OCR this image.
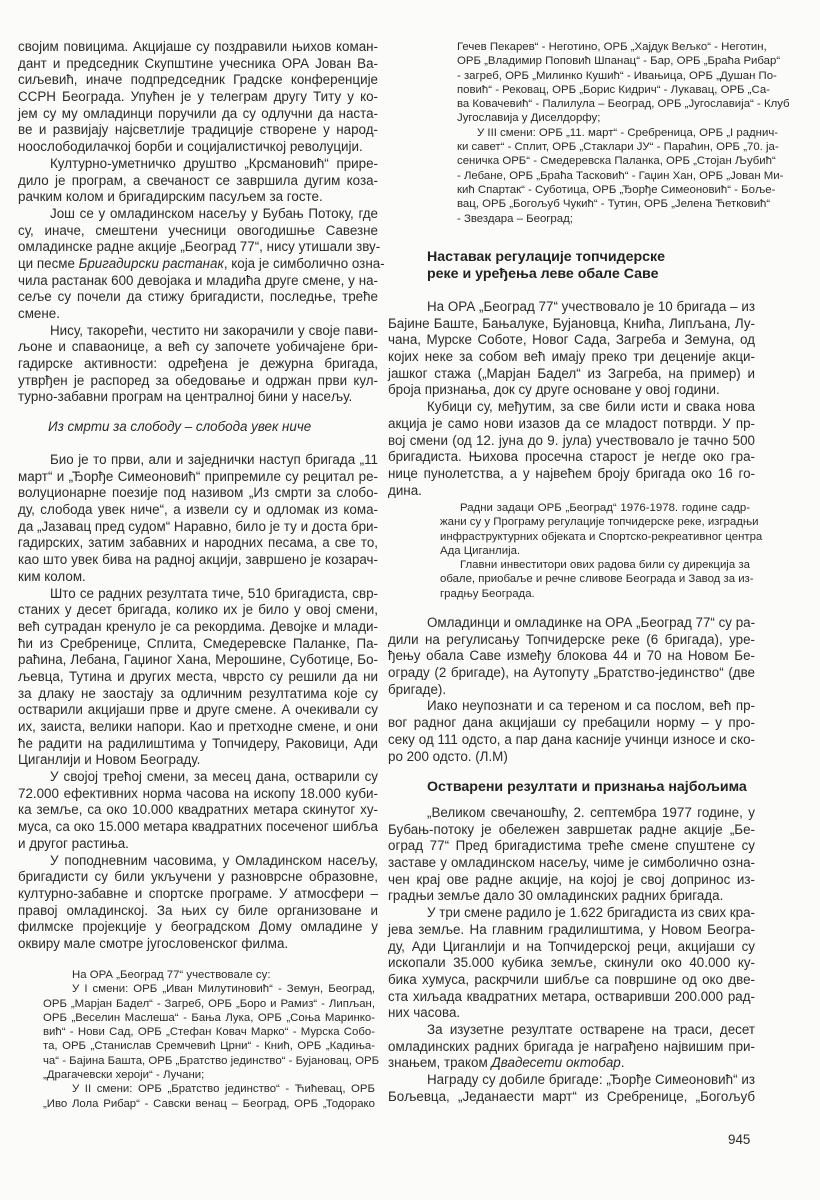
својим повицима. Акцијаше су поздравили њихов коман-
дант и председник Скупштине учесника ОРА Јован Ва-
сиљевић, иначе подпредседник Градске конференције
ССРН Београда. Упућен је у телеграм другу Титу у ко-
јем су му омладинци поручили да су одлучни да наста-
ве и развијају најсветлије традиције створене у народ-
ноослободилачкој борби и социјалистичкој револуцији.
Културно-уметничко друштво „Крсмановић“ прире-
дило је програм, а свечаност се завршила дугим коза-
рачким колом и бригадирским пасуљем за госте.
Још се у омладинском насељу у Бубањ Потоку, где
су, иначе, смештени учесници овогодишње Савезне
омладинске радне акције „Београд 77“, нису утишали зву-
ци песме Бригадирски растанак, која је симболично озна-
чила растанак 600 девојака и младића друге смене, у на-
сеље су почели да стижу бригадисти, последње, треће
смене.
Нису, такорећи, честито ни закорачили у своје пави-
љоне и спаваонице, а већ су започете уобичајене бри-
гадирске активности: одређена је дежурна бригада,
утврђен је распоред за обедовање и одржан први кул-
турно-забавни програм на централној бини у насељу.
Из смрти за слободу – слобода увек ниче
Био је то први, али и заједнички наступ бригада „11
март“ и „Ђорђе Симеоновић“ припремиле су рецитал ре-
волуционарне поезије под називом „Из смрти за слобо-
ду, слобода увек ниче“, а извели су и одломак из кома-
да „Јазавац пред судом“ Наравно, било је ту и доста бри-
гадирских, затим забавних и народних песама, а све то,
као што увек бива на радној акцији, завршено је козарач-
ким колом.
Што се радних резултата тиче, 510 бригадиста, свр-
станих у десет бригада, колико их је било у овој смени,
већ сутрадан кренуло је са рекордима. Девојке и млади-
ћи из Сребренице, Сплита, Смедеревске Паланке, Па-
раћина, Лебана, Гаџиног Хана, Мерошине, Суботице, Бо-
љевца, Тутина и других места, чврсто су решили да ни
за длаку не заостају за одличним резултатима које су
остварили акцијаши прве и друге смене. А очекивали су
их, заиста, велики напори. Као и претходне смене, и они
ће радити на радилиштима у Топчидеру, Раковици, Ади
Циганлији и Новом Београду.
У својој трећој смени, за месец дана, остварили су
72.000 ефективних норма часова на ископу 18.000 куби-
ка земље, са око 10.000 квадратних метара скинутог ху-
муса, са око 15.000 метара квадратних посеченог шибља
и другог растиња.
У поподневним часовима, у Омладинском насељу,
бригадисти су били укључени у разноврсне образовне,
културно-забавне и спортске програме. У атмосфери –
правој омладинској. За њих су биле организоване и
филмске пројекције у београдском Дому омладине у
оквиру мале смотре југословенског филма.
На ОРА „Београд 77“ учествовале су:
У I смени: ОРБ „Иван Милутиновић“ - Земун, Београд,
ОРБ „Марјан Бадел“ - Загреб, ОРБ „Боро и Рамиз“ - Липљан,
ОРБ „Веселин Маслеша“ - Бања Лука, ОРБ „Соња Маринко-
вић“ - Нови Сад, ОРБ „Стефан Ковач Марко“ - Мурска Собо-
та, ОРБ „Станислав Сремчевић Црни“ - Кнић, ОРБ „Кадиња-
ча“ - Бајина Башта, ОРБ „Братство јединство“ - Бујановац, ОРБ
„Драгачевски хероји“ - Лучани;
У II смени: ОРБ „Братство јединство“ - Ћићевац, ОРБ
„Иво Лола Рибар“ - Савски венац – Београд, ОРБ „Тодорако
Гечев Пекарев“ - Неготино, ОРБ „Хајдук Вељко“ - Неготин,
ОРБ „Владимир Поповић Шпанац“ - Бар, ОРБ „Браћа Рибар“
- загреб, ОРБ „Милинко Кушић“ - Ивањица, ОРБ „Душан По-
повић“ - Рековац, ОРБ „Борис Кидрич“ - Лукавац, ОРБ „Са-
ва Ковачевић“ - Палилула – Београд, ОРБ „Југославија“ - Клуб
Југославија у Диселдорфу;
У III смени: ОРБ „11. март“ - Сребреница, ОРБ „I раднич-
ки савет“ - Сплит, ОРБ „Стаклари ЈУ“ - Параћин, ОРБ „70. ја-
сеничка ОРБ“ - Смедеревска Паланка, ОРБ „Стојан Љубић“
- Лебане, ОРБ „Браћа Тасковић“ - Гаџин Хан, ОРБ „Јован Ми-
кић Спартак“ - Суботица, ОРБ „Ђорђе Симеоновић“ - Бoље-
вац, ОРБ „Богољуб Чукић“ - Тутин, ОРБ „Јелена Ћетковић“
- Звездара – Београд;
Наставак регулације топчидерске
реке и уређења леве обале Саве
На ОРА „Београд 77“ учествовало је 10 бригада – из
Бајине Баште, Бањалуке, Бујановца, Кнића, Липљана, Лу-
чана, Мурске Соботе, Новог Сада, Загреба и Земуна, од
којих неке за собом већ имају преко три деценије акци-
јашког стажа („Марјан Бадел“ из Загреба, на пример) и
броја признања, док су друге основане у овој години.
Кубици су, међутим, за све били исти и свака нова
акција је само нови изазов да се младост потврди. У пр-
вој смени (од 12. јуна до 9. јула) учествовало је тачно 500
бригадиста. Њихова просечна старост је негде око гра-
нице пунолетства, а у највећем броју бригада око 16 го-
дина.
Радни задаци ОРБ „Београд“ 1976-1978. године садр-
жани су у Програму регулације топчидерске реке, изградњи
инфраструктурних објеката и Спортско-рекреативног центра
Ада Циганлија.
Главни инвеститори ових радова били су дирекција за
обале, приобаље и речне сливове Београда и Завод за из-
градњу Београда.
Омладинци и омладинке на ОРА „Београд 77“ су ра-
дили на регулисању Топчидерске реке (6 бригада), уре-
ђењу обала Саве између блокова 44 и 70 на Новом Бе-
ограду (2 бригаде), на Аутопуту „Братство-јединство“ (две
бригаде).
Иако неупознати и са тереном и са послом, већ пр-
вог радног дана акцијаши су пребацили норму – у про-
секу од 111 одсто, а пар дана касније учинци износе и ско-
ро 200 одсто. (Л.М)
Остварени резултати и признања најбољима
„Великом свечаношћу, 2. септембра 1977 године, у
Бубањ-потоку је обележен завршетак радне акције „Бе-
оград 77“ Пред бригадистима треће смене спуштене су
заставе у омладинском насељу, чиме је симболично озна-
чен крај ове радне акције, на којој је свој допринос из-
градњи земље дало 30 омладинских радних бригада.
У три смене радило је 1.622 бригадиста из свих кра-
јева земље. На главним градилиштима, у Новом Београ-
ду, Ади Циганлији и на Топчидерској реци, акцијаши су
ископали 35.000 кубика земље, скинули око 40.000 ку-
бика хумуса, раскрчили шибље са површине од око две-
ста хиљада квадратних метара, оствaривши 200.000 рад-
них часова.
За изузетне резултате остварене на траси, десет
омладинских радних бригада је награђено највишим при-
знањем, траком Двадесети октобар.
Награду су добиле бригаде: „Ђорђе Симеоновић“ из
Бољевца, „Једанаести март“ из Сребренице, „Богољуб
945
